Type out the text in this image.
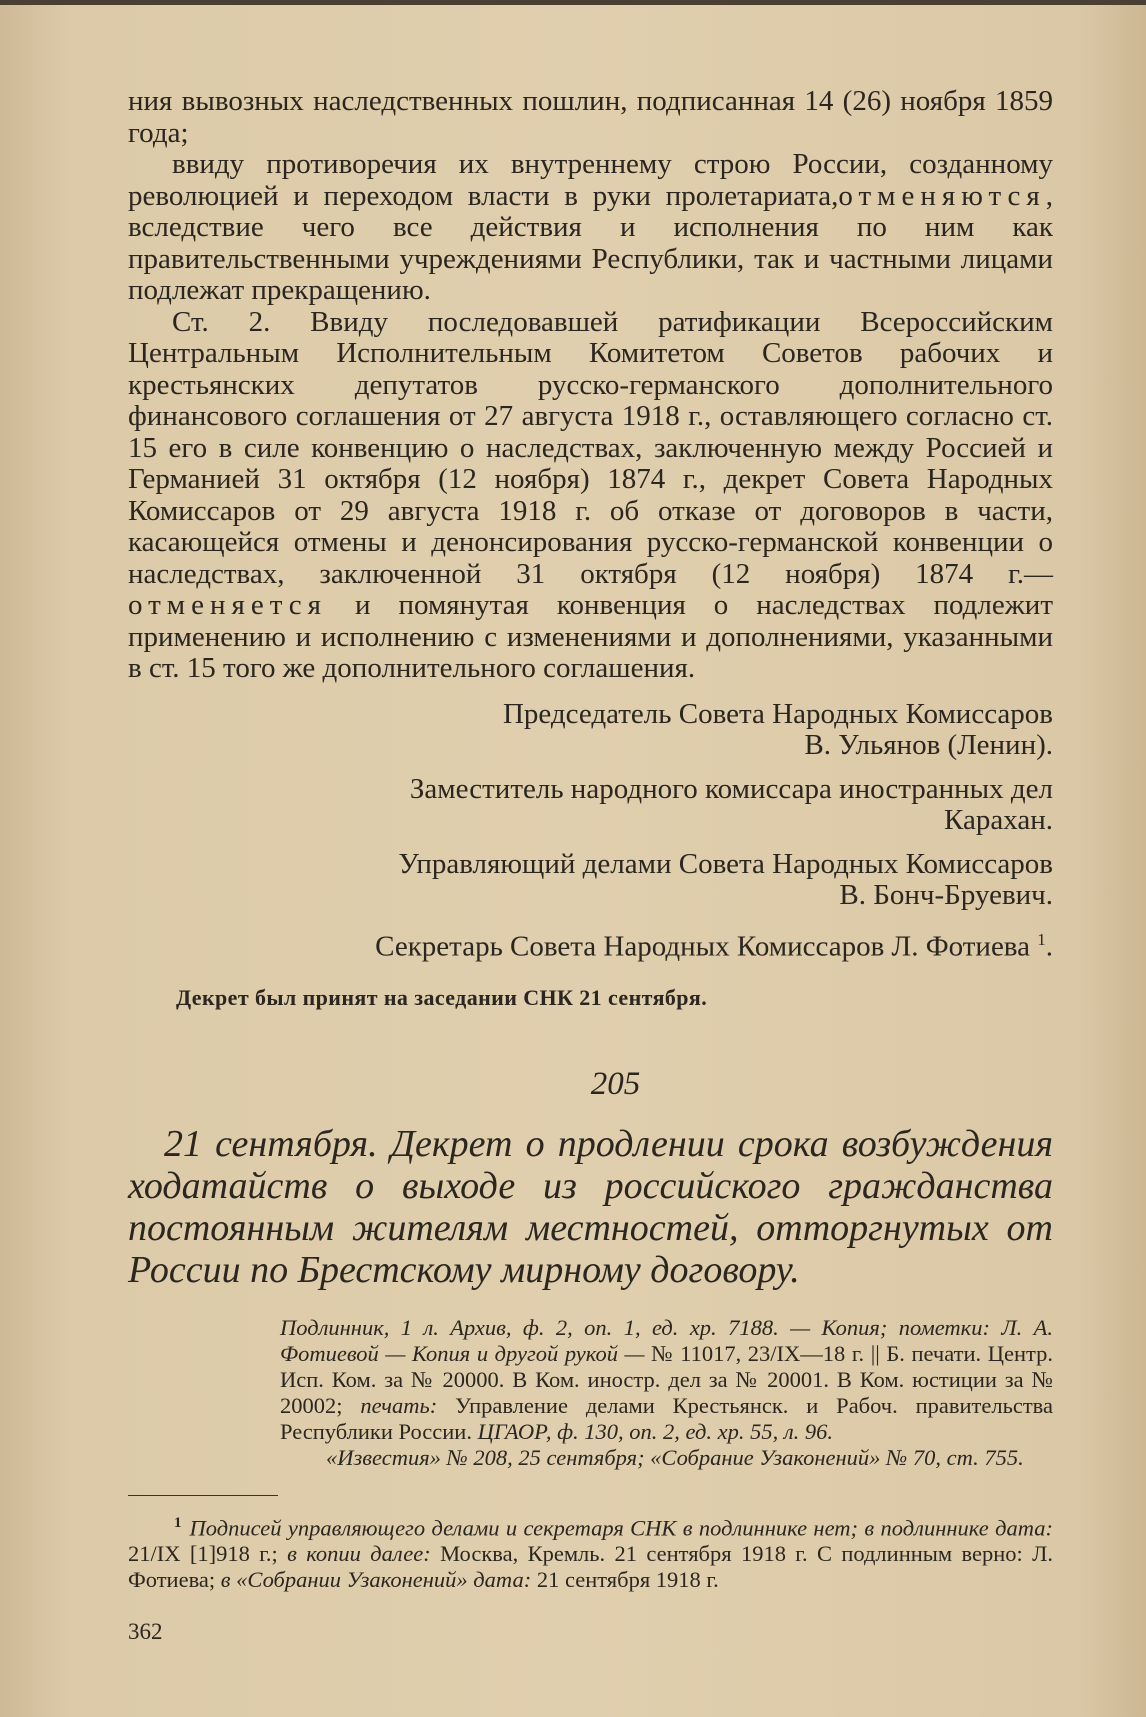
ния вывозных наследственных пошлин, подписанная 14 (26) ноября 1859 года;

ввиду противоречия их внутреннему строю России, созданному революцией и переходом власти в руки пролетариата,отменяются, вследствие чего все действия и исполнения по ним как правительственными учреждениями Республики, так и частными лицами подлежат прекращению.

Ст. 2. Ввиду последовавшей ратификации Всероссийским Центральным Исполнительным Комитетом Советов рабочих и крестьянских депутатов русско-германского дополнительного финансового соглашения от 27 августа 1918 г., оставляющего согласно ст. 15 его в силе конвенцию о наследствах, заключенную между Россией и Германией 31 октября (12 ноября) 1874 г., декрет Совета Народных Комиссаров от 29 августа 1918 г. об отказе от договоров в части, касающейся отмены и денонсирования русско-германской конвенции о наследствах, заключенной 31 октября (12 ноября) 1874 г.— отменяется и помянутая конвенция о наследствах подлежит применению и исполнению с изменениями и дополнениями, указанными в ст. 15 того же дополнительного соглашения.

Председатель Совета Народных Комиссаров
В. Ульянов (Ленин).
Заместитель народного комиссара иностранных дел
Карахан.
Управляющий делами Совета Народных Комиссаров
В. Бонч-Бруевич.
Секретарь Совета Народных Комиссаров Л. Фотиева $^1$.

Декрет был принят на заседании СНК 21 сентября.

205

21 сентября. Декрет о продлении срока возбуждения ходатайств о выходе из российского гражданства постоянным жителям местностей, отторгнутых от России по Брестскому мирному договору.

Подлинник, 1 л. Архив, ф. 2, оп. 1, ед. хр. 7188. — Копия; пометки: Л. А. Фотиевой — Копия и другой рукой — № 11017, 23/IX—18 г. || Б. печати. Центр. Исп. Ком. за № 20000. В Ком. иностр. дел за № 20001. В Ком. юстиции за № 20002; печать: Управление делами Крестьянск. и Рабоч. правительства Республики России. ЦГАОР, ф. 130, оп. 2, ед. хр. 55, л. 96.
«Известия» № 208, 25 сентября; «Собрание Узаконений» № 70, ст. 755.

$^1$ Подписей управляющего делами и секретаря СНК в подлиннике нет; в подлиннике дата: 21/IX [1]918 г.; в копии далее: Москва, Кремль. 21 сентября 1918 г. С подлинным верно: Л. Фотиева; в «Собрании Узаконений» дата: 21 сентября 1918 г.

362
